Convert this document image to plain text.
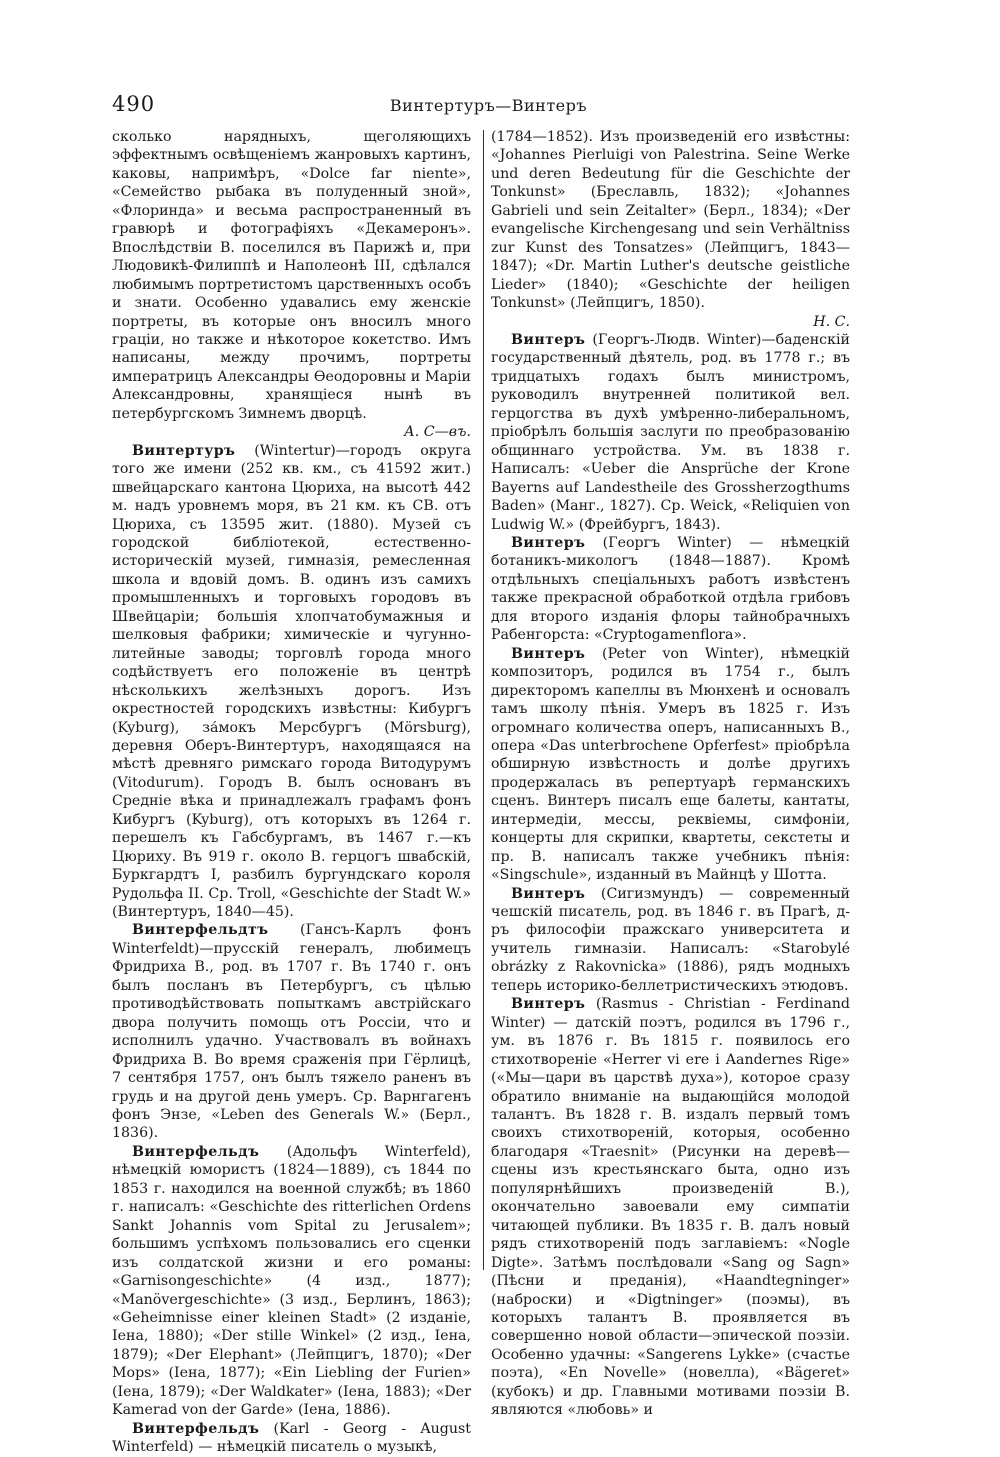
490	Винтертуръ—Винтеръ

сколько нарядныхъ, щеголяющихъ эффектнымъ освѣщеніемъ жанровыхъ картинъ, каковы, напримѣръ, «Dolce far niente», «Семейство рыбака въ полуденный зной», «Флоринда» и весьма распространенный въ гравюрѣ и фотографіяхъ «Декамеронъ». Впослѣдствіи В. поселился въ Парижѣ и, при Людовикѣ-Филиппѣ и Наполеонѣ III, сдѣлался любимымъ портретистомъ царственныхъ особъ и знати. Особенно удавались ему женскіе портреты, въ которые онъ вносилъ много граціи, но также и нѣкоторое кокетство. Имъ написаны, между прочимъ, портреты императрицъ Александры Ѳеодоровны и Маріи Александровны, хранящіеся нынѣ въ петербургскомъ Зимнемъ дворцѣ.

А. С—въ.

Винтертуръ (Wintertur)—городъ округа того же имени (252 кв. км., съ 41592 жит.) швейцарскаго кантона Цюриха, на высотѣ 442 м. надъ уровнемъ моря, въ 21 км. къ СВ. отъ Цюриха, съ 13595 жит. (1880). Музей съ городской библіотекой, естественно-историческій музей, гимназія, ремесленная школа и вдовій домъ. В. одинъ изъ самихъ промышленныхъ и торговыхъ городовъ въ Швейцаріи; большія хлопчатобумажныя и шелковыя фабрики; химическіе и чугунно-литейные заводы; торговлѣ города много содѣйствуетъ его положеніе въ центрѣ нѣсколькихъ желѣзныхъ дорогъ. Изъ окрестностей городскихъ извѣстны: Кибургъ (Kyburg), за́мокъ Мерсбургъ (Mörsburg), деревня Оберъ-Винтертуръ, находящаяся на мѣстѣ древняго римскаго города Витодурумъ (Vitodurum). Городъ В. былъ основанъ въ Средніе вѣка и принадлежалъ графамъ фонъ Кибургъ (Kyburg), отъ которыхъ въ 1264 г. перешелъ къ Габсбургамъ, въ 1467 г.—къ Цюриху. Въ 919 г. около В. герцогъ швабскій, Буркгардтъ I, разбилъ бургундскаго короля Рудольфа II. Ср. Troll, «Geschichte der Stadt W.» (Винтертуръ, 1840—45).

Винтерфельдтъ (Гансъ-Карлъ фонъ Winterfeldt)—прусскій генералъ, любимецъ Фридриха В., род. въ 1707 г. Въ 1740 г. онъ былъ посланъ въ Петербургъ, съ цѣлью противодѣйствовать попыткамъ австрійскаго двора получить помощь отъ Россіи, что и исполнилъ удачно. Участвовалъ въ войнахъ Фридриха В. Во время сраженія при Гёрлицѣ, 7 сентября 1757, онъ былъ тяжело раненъ въ грудь и на другой день умеръ. Ср. Варнгагенъ фонъ Энзе, «Leben des Generals W.» (Берл., 1836).

Винтерфельдъ (Адольфъ Winterfeld), нѣмецкій юмористъ (1824—1889), съ 1844 по 1853 г. находился на военной службѣ; въ 1860 г. написалъ: «Geschichte des ritterlichen Ordens Sankt Johannis vom Spital zu Jerusalem»; большимъ успѣхомъ пользовались его сценки изъ солдатской жизни и его романы: «Garnisongeschichte» (4 изд., 1877); «Manövergeschichte» (3 изд., Берлинъ, 1863); «Geheimnisse einer kleinen Stadt» (2 изданіе, Іена, 1880); «Der stille Winkel» (2 изд., Іена, 1879); «Der Elephant» (Лейпцигъ, 1870); «Der Mops» (Іена, 1877); «Ein Liebling der Furien» (Іена, 1879); «Der Waldkater» (Іена, 1883); «Der Kamerad von der Garde» (Іена, 1886).

Винтерфельдъ (Karl - Georg - August Winterfeld) — нѣмецкій писатель о музыкѣ,

(1784—1852). Изъ произведеній его извѣстны: «Johannes Pierluigi von Palestrina. Seine Werke und deren Bedeutung für die Geschichte der Tonkunst» (Бреславль, 1832); «Johannes Gabrieli und sein Zeitalter» (Берл., 1834); «Der evangelische Kirchengesang und sein Verhältniss zur Kunst des Tonsatzes» (Лейпцигъ, 1843—1847); «Dr. Martin Luther's deutsche geistliche Lieder» (1840); «Geschichte der heiligen Tonkunst» (Лейпцигъ, 1850).

Н. С.

Винтеръ (Георгъ-Людв. Winter)—баденскій государственный дѣятель, род. въ 1778 г.; въ тридцатыхъ годахъ былъ министромъ, руководилъ внутренней политикой вел. герцогства въ духѣ умѣренно-либеральномъ, пріобрѣлъ большія заслуги по преобразованію общиннаго устройства. Ум. въ 1838 г. Написалъ: «Ueber die Ansprüche der Krone Bayerns auf Landestheile des Grossherzogthums Baden» (Манг., 1827). Ср. Weick, «Reliquien von Ludwig W.» (Фрейбургъ, 1843).

Винтеръ (Георгъ Winter) — нѣмецкій ботаникъ-микологъ (1848—1887). Кромѣ отдѣльныхъ спеціальныхъ работъ извѣстенъ также прекрасной обработкой отдѣла грибовъ для второго изданія флоры тайнобрачныхъ Рабенгорста: «Cryptogamenflora».

Винтеръ (Peter von Winter), нѣмецкій композиторъ, родился въ 1754 г., былъ директоромъ капеллы въ Мюнхенѣ и основалъ тамъ школу пѣнія. Умеръ въ 1825 г. Изъ огромнаго количества оперъ, написанныхъ В., опера «Das unterbrochene Opferfest» пріобрѣла обширную извѣстность и долѣе другихъ продержалась въ репертуарѣ германскихъ сценъ. Винтеръ писалъ еще балеты, кантаты, интермедіи, мессы, реквіемы, симфоніи, концерты для скрипки, квартеты, секстеты и пр. В. написалъ также учебникъ пѣнія: «Singschule», изданный въ Майнцѣ у Шотта.

Винтеръ (Сигизмундъ) — современный чешскій писатель, род. въ 1846 г. въ Прагѣ, д-ръ философіи пражскаго университета и учитель гимназіи. Написалъ: «Starobylé obrázky z Rakovnicka» (1886), рядъ модныхъ теперь историко-беллетристическихъ этюдовъ.

Винтеръ (Rasmus - Christian - Ferdinand Winter) — датскій поэтъ, родился въ 1796 г., ум. въ 1876 г. Въ 1815 г. появилось его стихотвореніе «Herrer vi ere i Aandernes Rige» («Мы—цари въ царствѣ духа»), которое сразу обратило вниманіе на выдающійся молодой талантъ. Въ 1828 г. В. издалъ первый томъ своихъ стихотвореній, которыя, особенно благодаря «Traesnit» (Рисунки на деревѣ—сцены изъ крестьянскаго быта, одно изъ популярнѣйшихъ произведеній В.), окончательно завоевали ему симпатіи читающей публики. Въ 1835 г. В. далъ новый рядъ стихотвореній подъ заглавіемъ: «Nogle Digte». Затѣмъ послѣдовали «Sang og Sagn» (Пѣсни и преданія), «Haandtegninger» (наброски) и «Digtninger» (поэмы), въ которыхъ талантъ В. проявляется въ совершенно новой области—эпической поэзіи. Особенно удачны: «Sangerens Lykke» (счастье поэта), «En Novelle» (новелла), «Bägeret» (кубокъ) и др. Главными мотивами поэзіи В. являются «любовь» и
